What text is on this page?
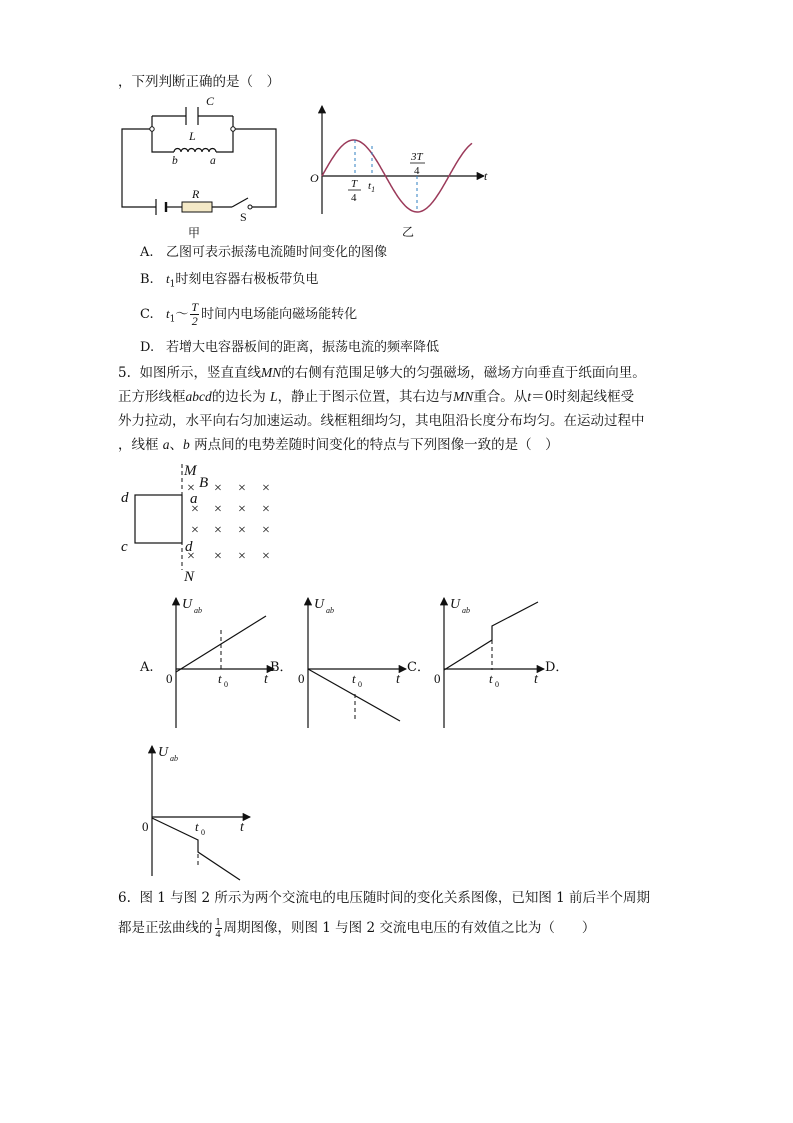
，下列判断正确的是（　）
C
L
b	a
R
S
甲
O	t
T
4
$t_1$
3T
4
乙
A. 乙图可表示振荡电流随时间变化的图像
B. $t_1$时刻电容器右极板带负电
C. $t_1\sim \frac{T}{2}$ 时间内电场能向磁场能转化
D. 若增大电容器板间的距离，振荡电流的频率降低
5. 如图所示，竖直直线MN的右侧有范围足够大的匀强磁场，磁场方向垂直于纸面向里。
正方形线框abcd的边长为 L，静止于图示位置，其右边与MN重合。从t＝0时刻起线框受
外力拉动，水平向右匀加速运动。线框粗细均匀，其电阻沿长度分布均匀。在运动过程中
，线框 a、b 两点间的电势差随时间变化的特点与下列图像一致的是（　）
M
N
B
a
d
d
c
× × × ×
× × × ×
× × × ×
× × × ×
U ab
0	t 0	t
U ab
0	t 0 t
U ab
0	t 0	t
U ab
0	t 0	t
A.	B．	C．	D．
6. 图 1 与图 2 所示为两个交流电的电压随时间的变化关系图像，已知图 1 前后半个周期
都是正弦曲线的 $\frac{1}{4}$ 周期图像，则图 1 与图 2 交流电电压的有效值之比为（　　）
